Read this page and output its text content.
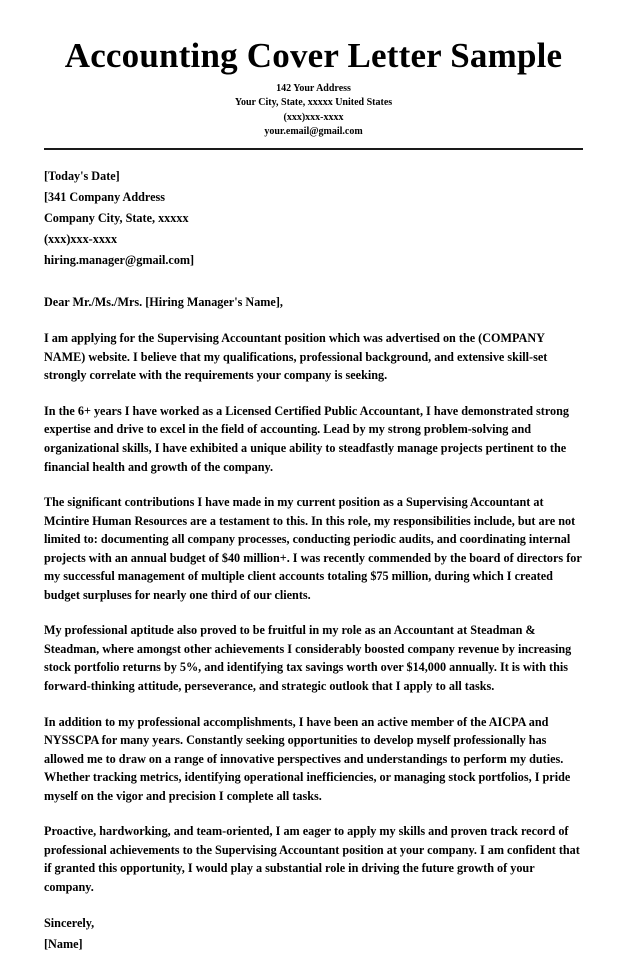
Accounting Cover Letter Sample
142 Your Address
Your City, State, xxxxx United States
(xxx)xxx-xxxx
your.email@gmail.com
[Today's Date]
[341 Company Address
Company City, State, xxxxx
(xxx)xxx-xxxx
hiring.manager@gmail.com]
Dear Mr./Ms./Mrs. [Hiring Manager's Name],

I am applying for the Supervising Accountant position which was advertised on the (COMPANY NAME) website. I believe that my qualifications, professional background, and extensive skill-set strongly correlate with the requirements your company is seeking.

In the 6+ years I have worked as a Licensed Certified Public Accountant, I have demonstrated strong expertise and drive to excel in the field of accounting. Lead by my strong problem-solving and organizational skills, I have exhibited a unique ability to steadfastly manage projects pertinent to the financial health and growth of the company.

The significant contributions I have made in my current position as a Supervising Accountant at Mcintire Human Resources are a testament to this. In this role, my responsibilities include, but are not limited to: documenting all company processes, conducting periodic audits, and coordinating internal projects with an annual budget of $40 million+. I was recently commended by the board of directors for my successful management of multiple client accounts totaling $75 million, during which I created budget surpluses for nearly one third of our clients.

My professional aptitude also proved to be fruitful in my role as an Accountant at Steadman & Steadman, where amongst other achievements I considerably boosted company revenue by increasing stock portfolio returns by 5%, and identifying tax savings worth over $14,000 annually. It is with this forward-thinking attitude, perseverance, and strategic outlook that I apply to all tasks.

In addition to my professional accomplishments, I have been an active member of the AICPA and NYSSCPA for many years. Constantly seeking opportunities to develop myself professionally has allowed me to draw on a range of innovative perspectives and understandings to perform my duties. Whether tracking metrics, identifying operational inefficiencies, or managing stock portfolios, I pride myself on the vigor and precision I complete all tasks.

Proactive, hardworking, and team-oriented, I am eager to apply my skills and proven track record of professional achievements to the Supervising Accountant position at your company. I am confident that if granted this opportunity, I would play a substantial role in driving the future growth of your company.

Sincerely,
[Name]
